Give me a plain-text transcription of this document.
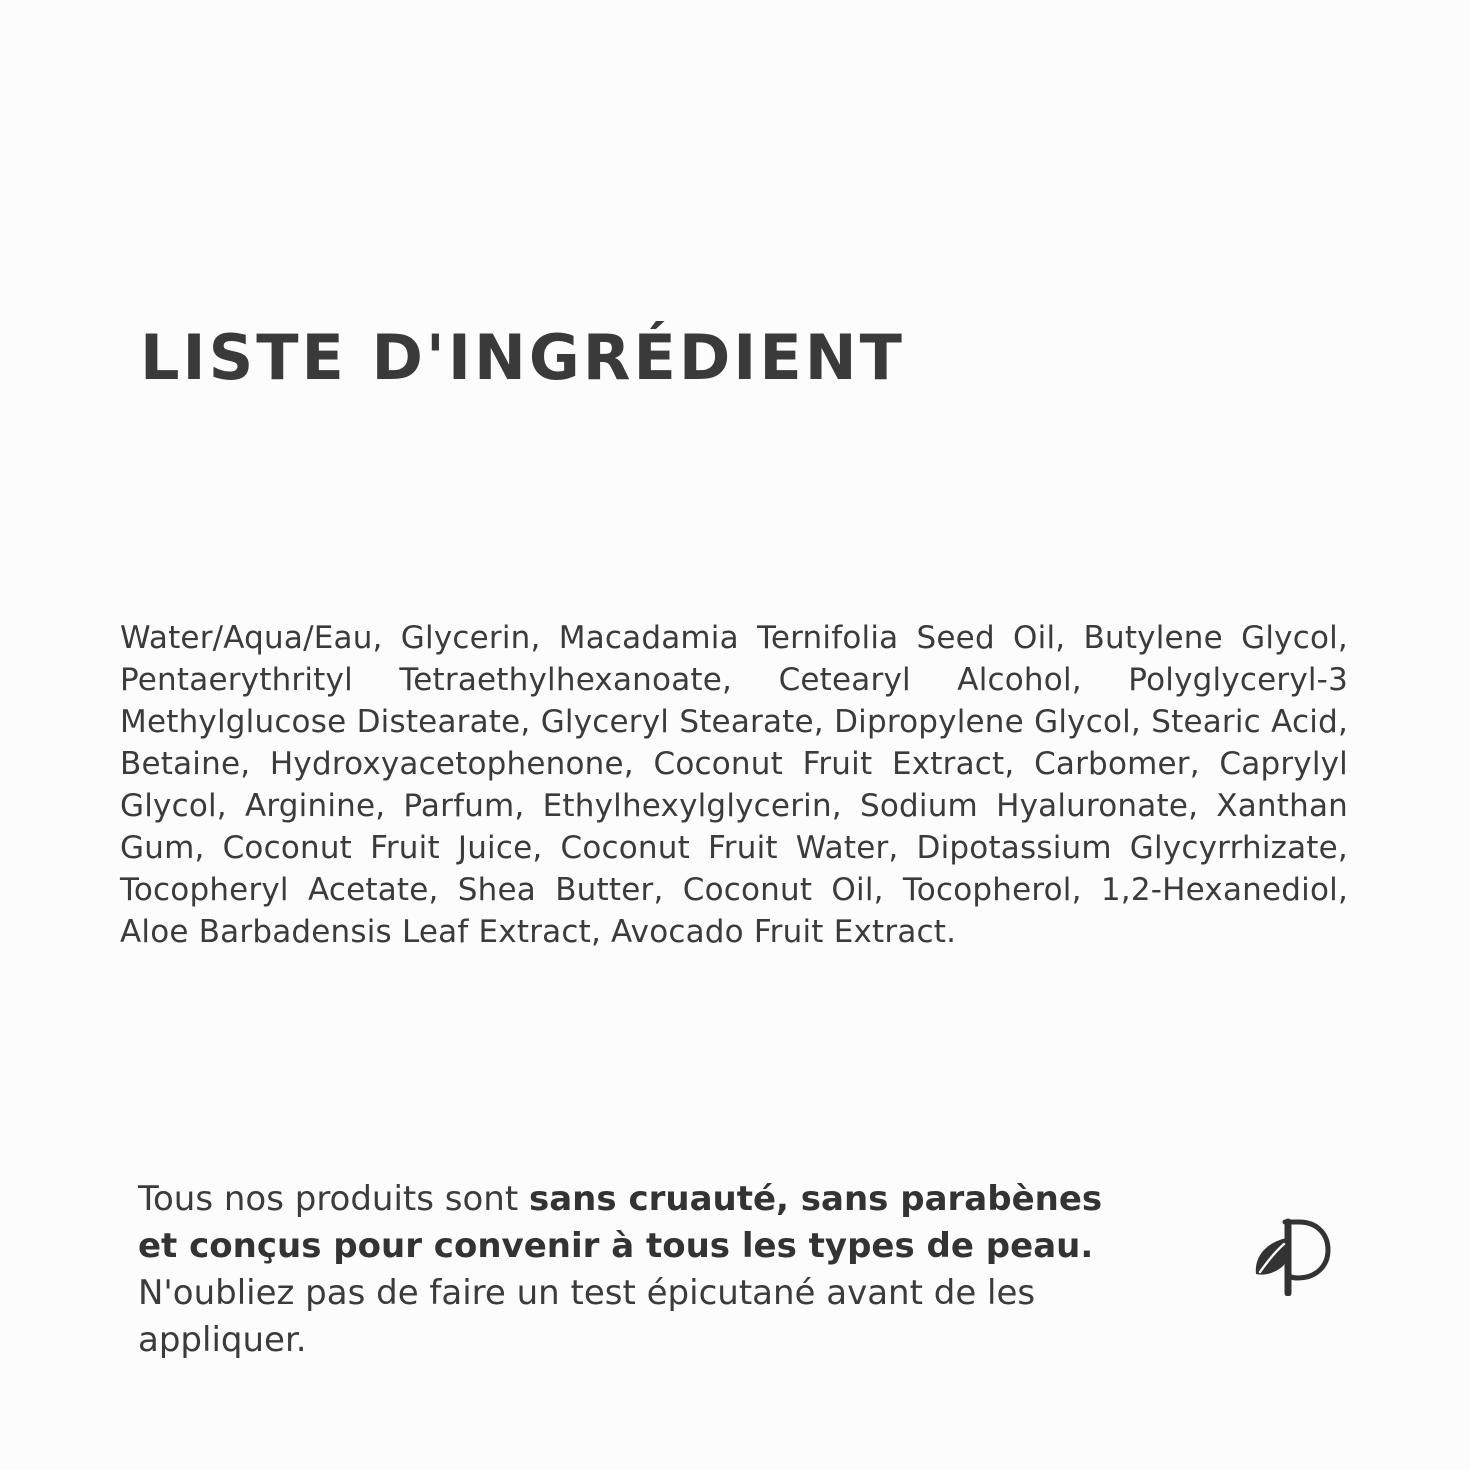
LISTE D'INGRÉDIENT

Water/Aqua/Eau, Glycerin, Macadamia Ternifolia Seed Oil, Butylene Glycol, Pentaerythrityl Tetraethylhexanoate, Cetearyl Alcohol, Polyglyceryl-3 Methylglucose Distearate, Glyceryl Stearate, Dipropylene Glycol, Stearic Acid, Betaine, Hydroxyacetophenone, Coconut Fruit Extract, Carbomer, Caprylyl Glycol, Arginine, Parfum, Ethylhexylglycerin, Sodium Hyaluronate, Xanthan Gum, Coconut Fruit Juice, Coconut Fruit Water, Dipotassium Glycyrrhizate, Tocopheryl Acetate, Shea Butter, Coconut Oil, Tocopherol, 1,2-Hexanediol, Aloe Barbadensis Leaf Extract, Avocado Fruit Extract.

Tous nos produits sont sans cruauté, sans parabènes et conçus pour convenir à tous les types de peau. N'oubliez pas de faire un test épicutané avant de les appliquer.
